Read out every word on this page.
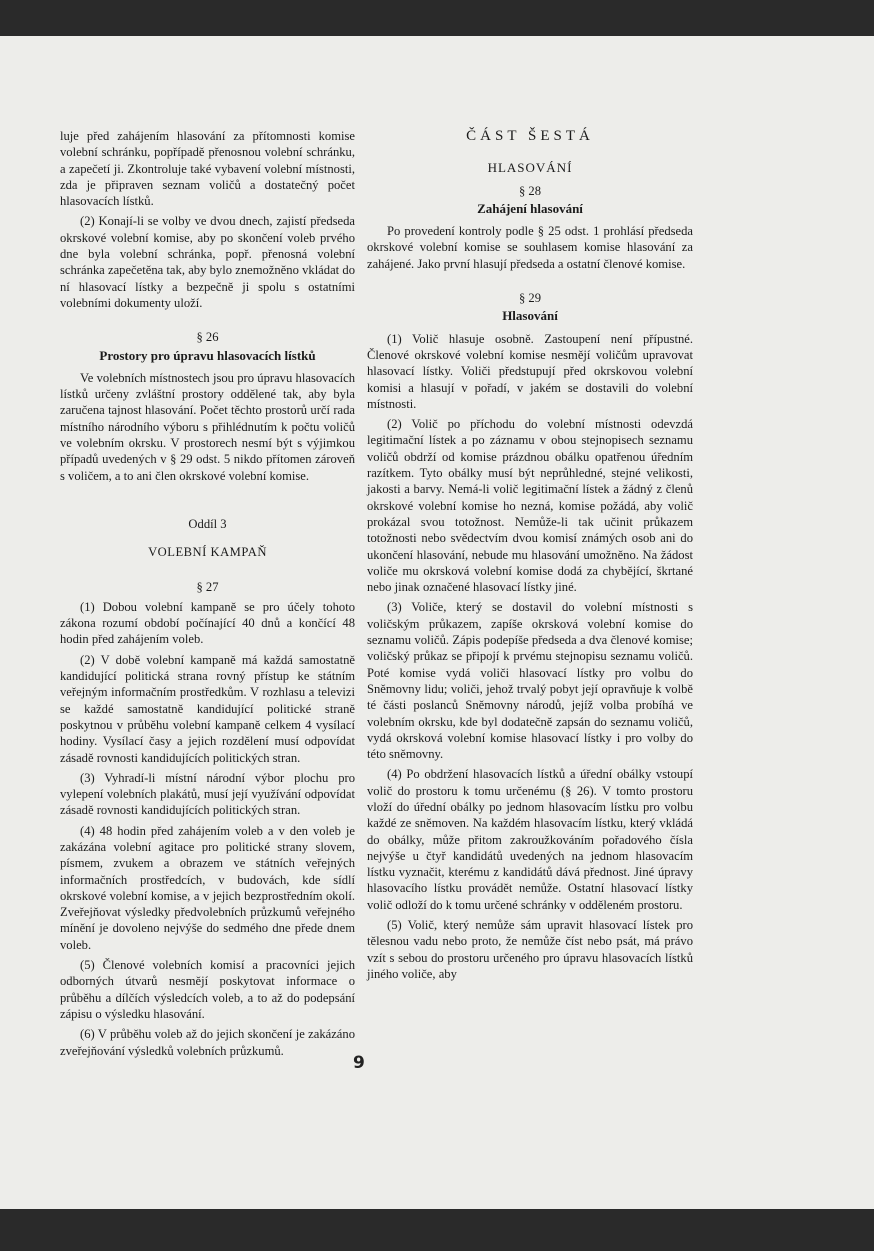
luje před zahájením hlasování za přítomnosti komise volební schránku, popřípadě přenosnou volební schránku, a zapečetí ji. Zkontroluje také vybavení volební místnosti, zda je připraven seznam voličů a dostatečný počet hlasovacích lístků.

(2) Konají-li se volby ve dvou dnech, zajistí předseda okrskové volební komise, aby po skončení voleb prvého dne byla volební schránka, popř. přenosná volební schránka zapečetěna tak, aby bylo znemožněno vkládat do ní hlasovací lístky a bezpečně ji spolu s ostatními volebními dokumenty uloží.

§ 26
Prostory pro úpravu hlasovacích lístků

Ve volebních místnostech jsou pro úpravu hlasovacích lístků určeny zvláštní prostory oddělené tak, aby byla zaručena tajnost hlasování. Počet těchto prostorů určí rada místního národního výboru s přihlédnutím k počtu voličů ve volebním okrsku. V prostorech nesmí být s výjimkou případů uvedených v § 29 odst. 5 nikdo přítomen zároveň s voličem, a to ani člen okrskové volební komise.

Oddíl 3
VOLEBNÍ KAMPAŇ
§ 27

(1) Dobou volební kampaně se pro účely tohoto zákona rozumí období počínající 40 dnů a končící 48 hodin před zahájením voleb.

(2) V době volební kampaně má každá samostatně kandidující politická strana rovný přístup ke státním veřejným informačním prostředkům. V rozhlasu a televizi se každé samostatně kandidující politické straně poskytnou v průběhu volební kampaně celkem 4 vysílací hodiny. Vysílací časy a jejich rozdělení musí odpovídat zásadě rovnosti kandidujících politických stran.

(3) Vyhradí-li místní národní výbor plochu pro vylepení volebních plakátů, musí její využívání odpovídat zásadě rovnosti kandidujících politických stran.

(4) 48 hodin před zahájením voleb a v den voleb je zakázána volební agitace pro politické strany slovem, písmem, zvukem a obrazem ve státních veřejných informačních prostředcích, v budovách, kde sídlí okrskové volební komise, a v jejich bezprostředním okolí. Zveřejňovat výsledky předvolebních průzkumů veřejného mínění je dovoleno nejvýše do sedmého dne přede dnem voleb.

(5) Členové volebních komisí a pracovníci jejich odborných útvarů nesmějí poskytovat informace o průběhu a dílčích výsledcích voleb, a to až do podepsání zápisu o výsledku hlasování.

(6) V průběhu voleb až do jejich skončení je zakázáno zveřejňování výsledků volebních průzkumů.

ČÁST ŠESTÁ
HLASOVÁNÍ
§ 28
Zahájení hlasování

Po provedení kontroly podle § 25 odst. 1 prohlásí předseda okrskové volební komise se souhlasem komise hlasování za zahájené. Jako první hlasují předseda a ostatní členové komise.

§ 29
Hlasování

(1) Volič hlasuje osobně. Zastoupení není přípustné. Členové okrskové volební komise nesmějí voličům upravovat hlasovací lístky. Voliči předstupují před okrskovou volební komisi a hlasují v pořadí, v jakém se dostavili do volební místnosti.

(2) Volič po příchodu do volební místnosti odevzdá legitimační lístek a po záznamu v obou stejnopisech seznamu voličů obdrží od komise prázdnou obálku opatřenou úředním razítkem. Tyto obálky musí být neprůhledné, stejné velikosti, jakosti a barvy. Nemá-li volič legitimační lístek a žádný z členů okrskové volební komise ho nezná, komise požádá, aby volič prokázal svou totožnost. Nemůže-li tak učinit průkazem totožnosti nebo svědectvím dvou komisí známých osob ani do ukončení hlasování, nebude mu hlasování umožněno. Na žádost voliče mu okrsková volební komise dodá za chybějící, škrtané nebo jinak označené hlasovací lístky jiné.

(3) Voliče, který se dostavil do volební místnosti s voličským průkazem, zapíše okrsková volební komise do seznamu voličů. Zápis podepíše předseda a dva členové komise; voličský průkaz se připojí k prvému stejnopisu seznamu voličů. Poté komise vydá voliči hlasovací lístky pro volbu do Sněmovny lidu; voliči, jehož trvalý pobyt její opravňuje k volbě té části poslanců Sněmovny národů, jejíž volba probíhá ve volebním okrsku, kde byl dodatečně zapsán do seznamu voličů, vydá okrsková volební komise hlasovací lístky i pro volby do této sněmovny.

(4) Po obdržení hlasovacích lístků a úřední obálky vstoupí volič do prostoru k tomu určenému (§ 26). V tomto prostoru vloží do úřední obálky po jednom hlasovacím lístku pro volbu každé ze sněmoven. Na každém hlasovacím lístku, který vkládá do obálky, může přitom zakroužkováním pořadového čísla nejvýše u čtyř kandidátů uvedených na jednom hlasovacím lístku vyznačit, kterému z kandidátů dává přednost. Jiné úpravy hlasovacího lístku provádět nemůže. Ostatní hlasovací lístky volič odloží do k tomu určené schránky v odděleném prostoru.

(5) Volič, který nemůže sám upravit hlasovací lístek pro tělesnou vadu nebo proto, že nemůže číst nebo psát, má právo vzít s sebou do prostoru určeného pro úpravu hlasovacích lístků jiného voliče, aby

9
